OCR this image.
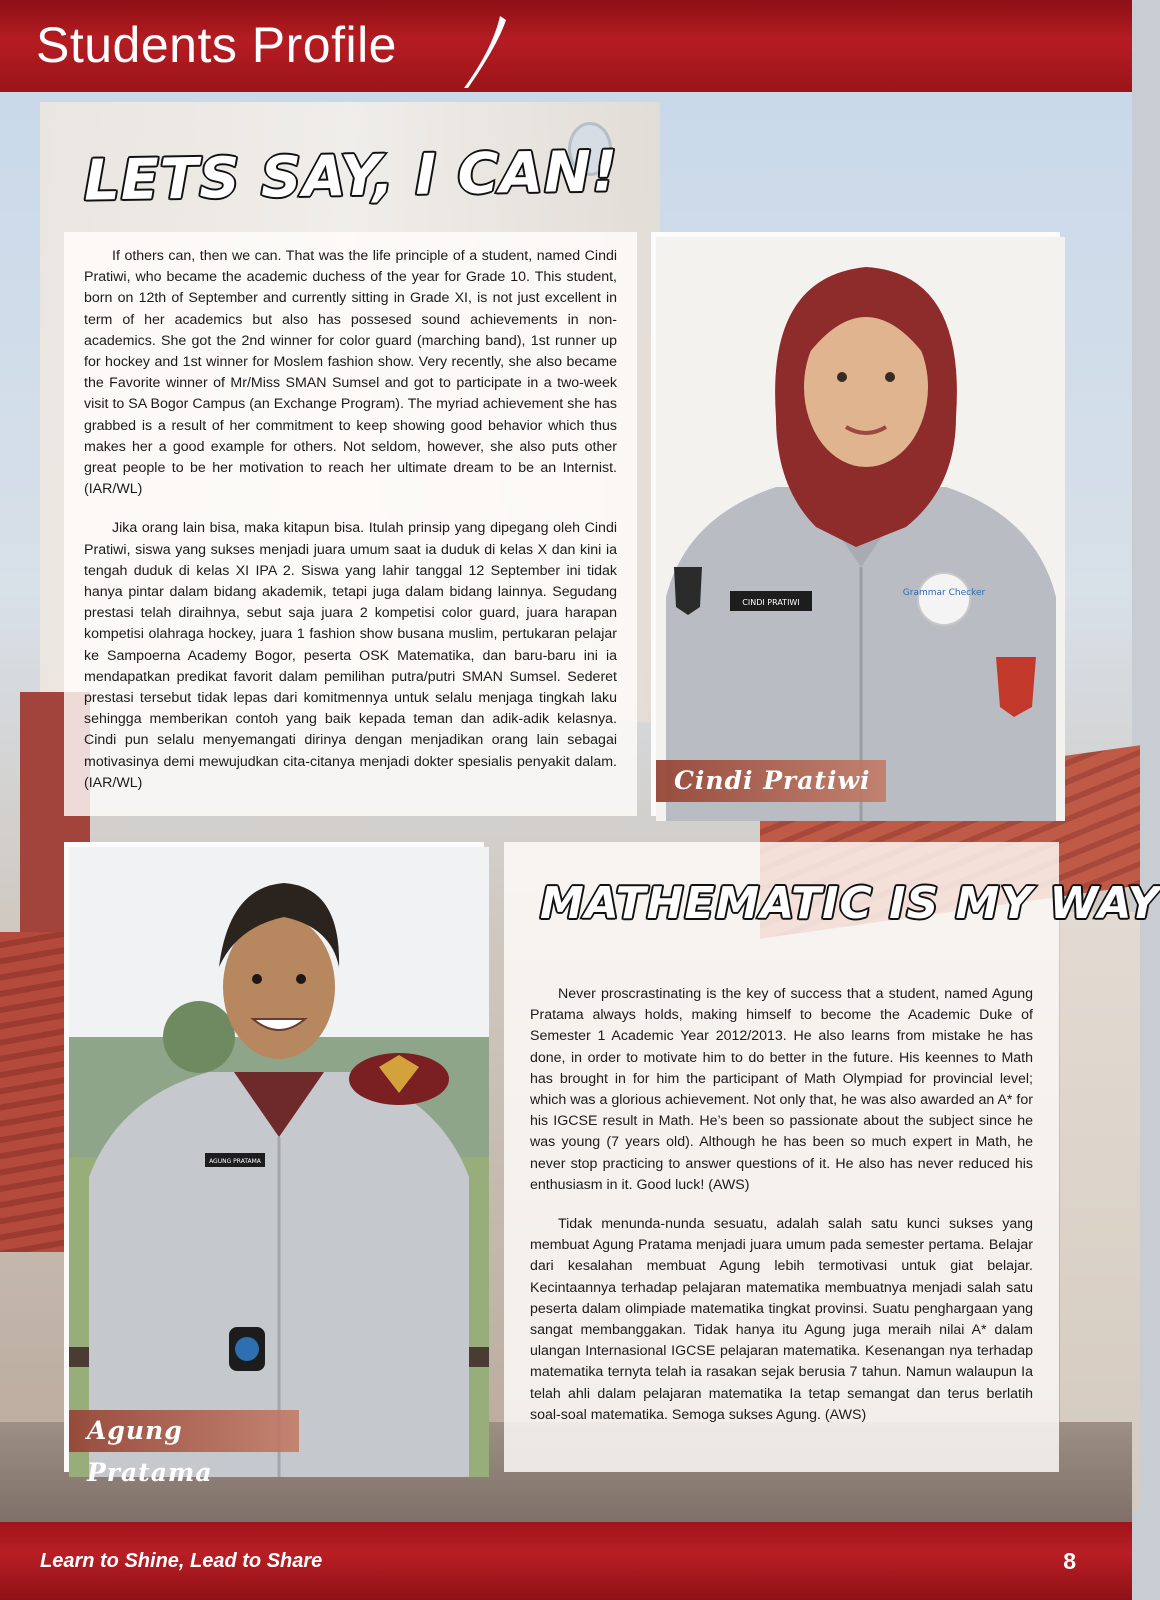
Students Profile
LETS SAY, I CAN!

If others can, then we can. That was the life principle of a student, named Cindi Pratiwi, who became the academic duchess of the year for Grade 10. This student, born on 12th of September and currently sitting in Grade XI, is not just excellent in term of her academics but also has possesed sound achievements in non-academics. She got the 2nd winner for color guard (marching band), 1st runner up for hockey and 1st winner for Moslem fashion show. Very recently, she also became the Favorite winner of Mr/Miss SMAN Sumsel and got to participate in a two-week visit to SA Bogor Campus (an Exchange Program). The myriad achievement she has grabbed is a result of her commitment to keep showing good behavior which thus makes her a good example for others. Not seldom, however, she also puts other great people to be her motivation to reach her ultimate dream to be an Internist. (IAR/WL)

Jika orang lain bisa, maka kitapun bisa. Itulah prinsip yang dipegang oleh Cindi Pratiwi, siswa yang sukses menjadi juara umum saat ia duduk di kelas X dan kini ia tengah duduk di kelas XI IPA 2. Siswa yang lahir tanggal 12 September ini tidak hanya pintar dalam bidang akademik, tetapi juga dalam bidang lainnya. Segudang prestasi telah diraihnya, sebut saja juara 2 kompetisi color guard, juara harapan kompetisi olahraga hockey, juara 1 fashion show busana muslim, pertukaran pelajar ke Sampoerna Academy Bogor, peserta OSK Matematika, dan baru-baru ini ia mendapatkan predikat favorit dalam pemilihan putra/putri SMAN Sumsel. Sederet prestasi tersebut tidak lepas dari komitmennya untuk selalu menjaga tingkah laku sehingga memberikan contoh yang baik kepada teman dan adik-adik kelasnya. Cindi pun selalu menyemangati dirinya dengan menjadikan orang lain sebagai motivasinya demi mewujudkan cita-citanya menjadi dokter spesialis penyakit dalam. (IAR/WL)

CINDI PRATIWI
Grammar Checker
Cindi Pratiwi
AGUNG PRATAMA
Agung Pratama

Never proscrastinating is the key of success that a student, named Agung Pratama always holds, making himself to become the Academic Duke of Semester 1 Academic Year 2012/2013. He also learns from mistake he has done, in order to motivate him to do better in the future. His keennes to Math has brought in for him the participant of Math Olympiad for provincial level; which was a glorious achievement. Not only that, he was also awarded an A* for his IGCSE result in Math. He’s been so passionate about the subject since he was young (7 years old). Although he has been so much expert in Math, he never stop practicing to answer questions of it. He also has never reduced his enthusiasm in it. Good luck! (AWS)

Tidak menunda-nunda sesuatu, adalah salah satu kunci sukses yang membuat Agung Pratama menjadi juara umum pada semester pertama. Belajar dari kesalahan membuat Agung lebih termotivasi untuk giat belajar. Kecintaannya terhadap pelajaran matematika membuatnya menjadi salah satu peserta dalam olimpiade matematika tingkat provinsi. Suatu penghargaan yang sangat membanggakan. Tidak hanya itu Agung juga meraih nilai A* dalam ulangan Internasional IGCSE pelajaran matematika. Kesenangan nya terhadap matematika ternyta telah ia rasakan sejak berusia 7 tahun. Namun walaupun Ia telah ahli dalam pelajaran matematika Ia tetap semangat dan terus berlatih soal-soal matematika. Semoga sukses Agung. (AWS)

MATHEMATIC IS MY WAY
Learn to Shine, Lead to Share	8
